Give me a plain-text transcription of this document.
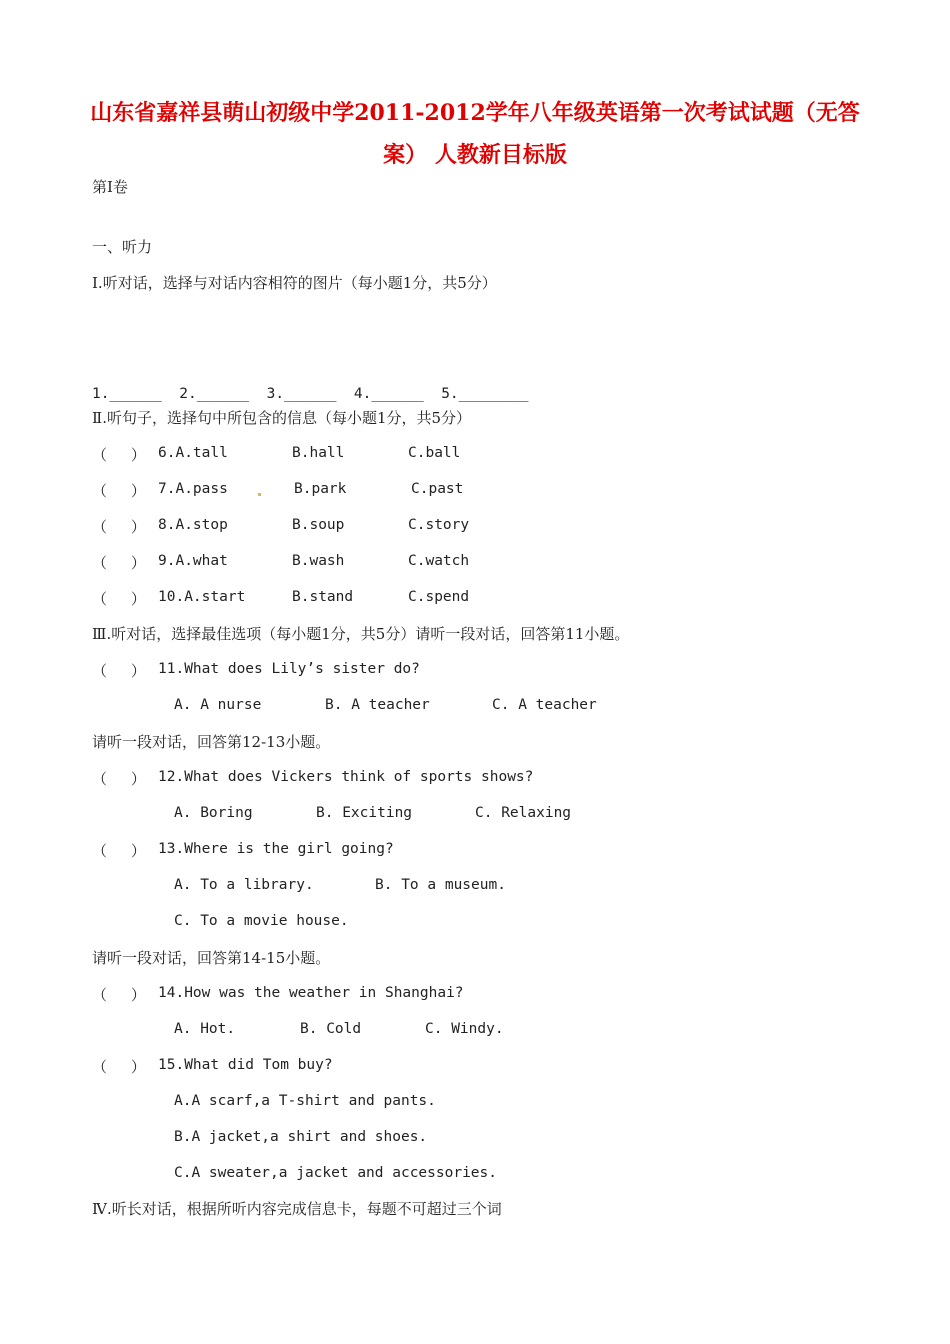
山东省嘉祥县萌山初级中学2011-2012学年八年级英语第一次考试试题（无答
案） 人教新目标版
第Ⅰ卷
一、听力
Ⅰ.听对话，选择与对话内容相符的图片（每小题1分，共5分）
1.______  2.______  3.______  4.______  5.________
Ⅱ.听句子，选择句中所包含的信息（每小题1分，共5分）
（     ） 6.A.tall	B.hall	C.ball
（     ） 7.A.pass	B.park	C.past
（     ） 8.A.stop	B.soup	C.story
（     ） 9.A.what	B.wash	C.watch
（     ） 10.A.start	B.stand	C.spend
Ⅲ.听对话，选择最佳选项（每小题1分，共5分）请听一段对话，回答第11小题。
（     ） 11.What does Lily’s sister do?
A. A nurse	B. A teacher	C. A teacher
请听一段对话，回答第12-13小题。
（     ） 12.What does Vickers think of sports shows?
A. Boring	B. Exciting	C. Relaxing
（     ） 13.Where is the girl going?
A. To a library.	B. To a museum.
C. To a movie house.
请听一段对话，回答第14-15小题。
（     ） 14.How was the weather in Shanghai?
A. Hot.	B. Cold	C. Windy.
（     ） 15.What did Tom buy?
A.A scarf,a T-shirt and pants.
B.A jacket,a shirt and shoes.
C.A sweater,a jacket and accessories.
Ⅳ.听长对话，根据所听内容完成信息卡，每题不可超过三个词
